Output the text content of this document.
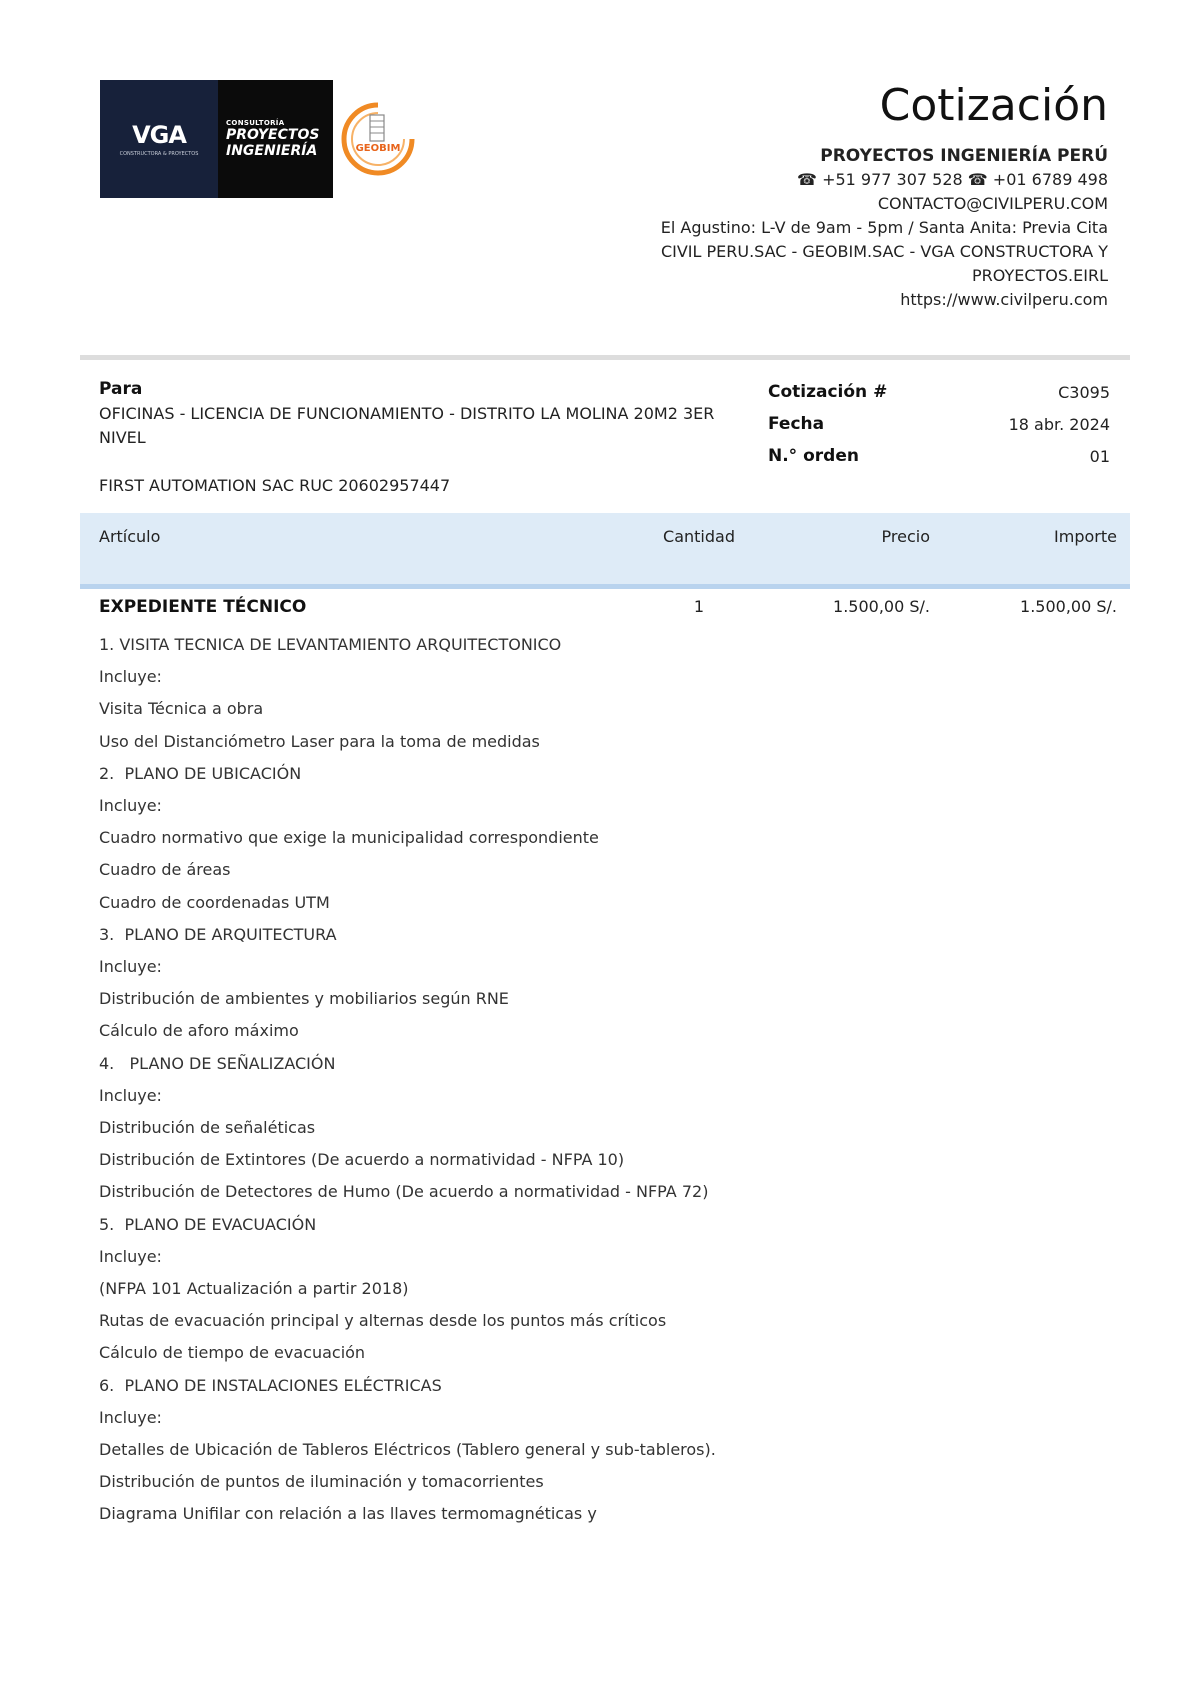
VGA
CONSTRUCTORA & PROYECTOS
CONSULTORÍA
PROYECTOS
INGENIERÍA	GEOBIM
Cotización
PROYECTOS INGENIERÍA PERÚ
☎ +51 977 307 528 ☎ +01 6789 498
CONTACTO@CIVILPERU.COM
El Agustino: L-V de 9am - 5pm / Santa Anita: Previa Cita
CIVIL PERU.SAC - GEOBIM.SAC - VGA CONSTRUCTORA Y PROYECTOS.EIRL
https://www.civilperu.com
Para
OFICINAS - LICENCIA DE FUNCIONAMIENTO - DISTRITO LA MOLINA 20M2 3ER NIVEL
FIRST AUTOMATION SAC RUC 20602957447
Cotización #	C3095
Fecha	18 abr. 2024
N.° orden	01
Artículo	Cantidad	Precio	Importe
EXPEDIENTE TÉCNICO	1	1.500,00 S/.	1.500,00 S/.
1. VISITA TECNICA DE LEVANTAMIENTO ARQUITECTONICO
Incluye:
Visita Técnica a obra
Uso del Distanciómetro Laser para la toma de medidas
2.  PLANO DE UBICACIÓN
Incluye:
Cuadro normativo que exige la municipalidad correspondiente
Cuadro de áreas
Cuadro de coordenadas UTM
3.  PLANO DE ARQUITECTURA
Incluye:
Distribución de ambientes y mobiliarios según RNE
Cálculo de aforo máximo
4.   PLANO DE SEÑALIZACIÓN
Incluye:
Distribución de señaléticas
Distribución de Extintores (De acuerdo a normatividad - NFPA 10)
Distribución de Detectores de Humo (De acuerdo a normatividad - NFPA 72)
5.  PLANO DE EVACUACIÓN
Incluye:
(NFPA 101 Actualización a partir 2018)
Rutas de evacuación principal y alternas desde los puntos más críticos
Cálculo de tiempo de evacuación
6.  PLANO DE INSTALACIONES ELÉCTRICAS
Incluye:
Detalles de Ubicación de Tableros Eléctricos (Tablero general y sub-tableros).
Distribución de puntos de iluminación y tomacorrientes
Diagrama Unifilar con relación a las llaves termomagnéticas y
